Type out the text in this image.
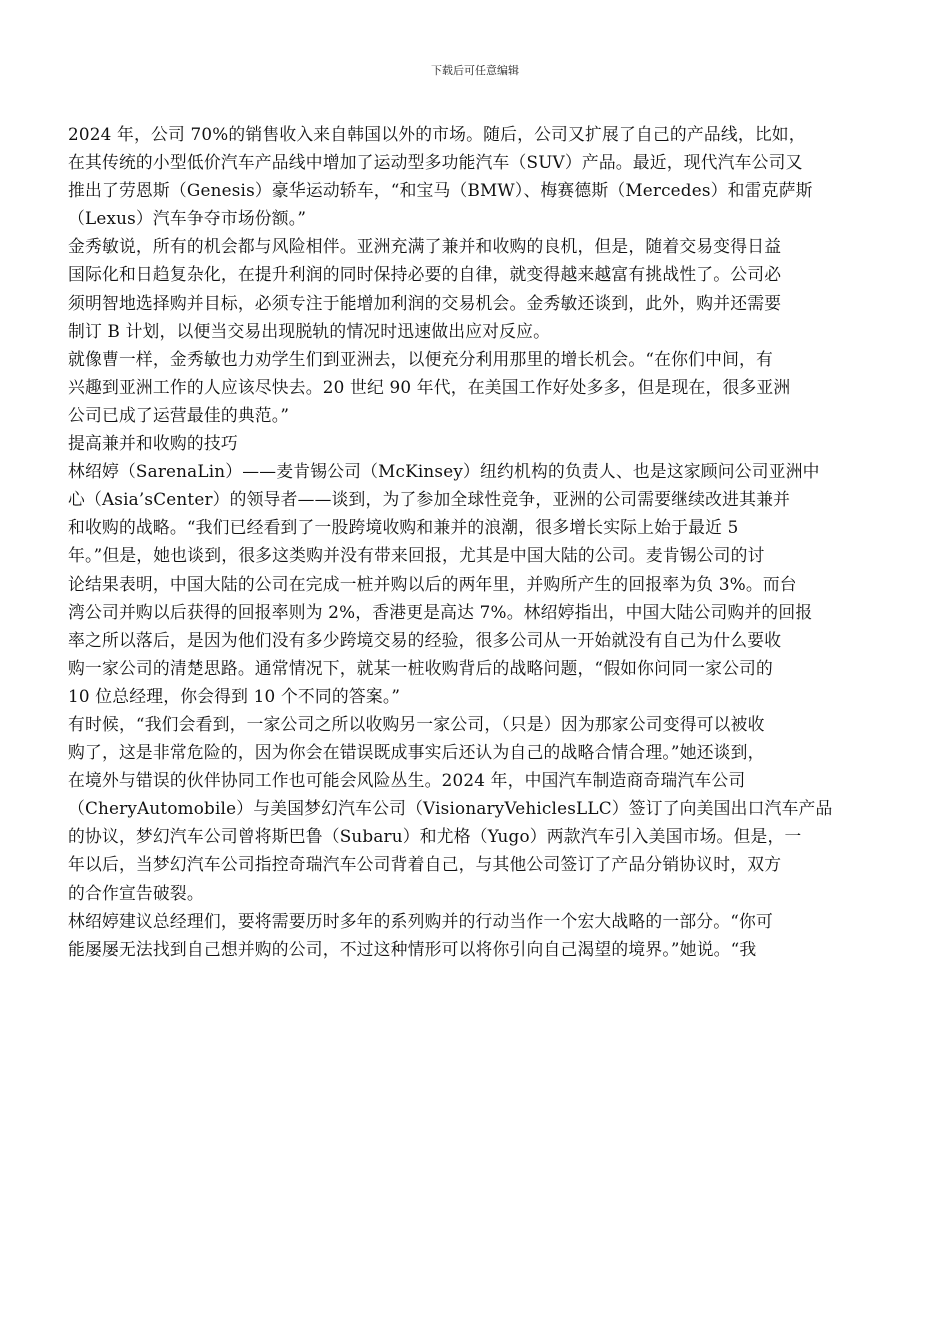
下载后可任意编辑
2024 年，公司 70%的销售收入来自韩国以外的市场。随后，公司又扩展了自己的产品线，比如，
在其传统的小型低价汽车产品线中增加了运动型多功能汽车（SUV）产品。最近，现代汽车公司又
推出了劳恩斯（Genesis）豪华运动轿车，“和宝马（BMW）、梅赛德斯（Mercedes）和雷克萨斯
（Lexus）汽车争夺市场份额。”
金秀敏说，所有的机会都与风险相伴。亚洲充满了兼并和收购的良机，但是，随着交易变得日益
国际化和日趋复杂化，在提升利润的同时保持必要的自律，就变得越来越富有挑战性了。公司必
须明智地选择购并目标，必须专注于能增加利润的交易机会。金秀敏还谈到，此外，购并还需要
制订 B 计划，以便当交易出现脱轨的情况时迅速做出应对反应。
就像曹一样，金秀敏也力劝学生们到亚洲去，以便充分利用那里的增长机会。“在你们中间，有
兴趣到亚洲工作的人应该尽快去。20 世纪 90 年代，在美国工作好处多多，但是现在，很多亚洲
公司已成了运营最佳的典范。”
提高兼并和收购的技巧
林绍婷（SarenaLin）——麦肯锡公司（McKinsey）纽约机构的负责人、也是这家顾问公司亚洲中
心（Asia’sCenter）的领导者——谈到，为了参加全球性竞争，亚洲的公司需要继续改进其兼并
和收购的战略。“我们已经看到了一股跨境收购和兼并的浪潮，很多增长实际上始于最近 5
年。”但是，她也谈到，很多这类购并没有带来回报，尤其是中国大陆的公司。麦肯锡公司的讨
论结果表明，中国大陆的公司在完成一桩并购以后的两年里，并购所产生的回报率为负 3%。而台
湾公司并购以后获得的回报率则为 2%，香港更是高达 7%。林绍婷指出，中国大陆公司购并的回报
率之所以落后，是因为他们没有多少跨境交易的经验，很多公司从一开始就没有自己为什么要收
购一家公司的清楚思路。通常情况下，就某一桩收购背后的战略问题，“假如你问同一家公司的
10 位总经理，你会得到 10 个不同的答案。”
有时候，“我们会看到，一家公司之所以收购另一家公司，（只是）因为那家公司变得可以被收
购了，这是非常危险的，因为你会在错误既成事实后还认为自己的战略合情合理。”她还谈到，
在境外与错误的伙伴协同工作也可能会风险丛生。2024 年，中国汽车制造商奇瑞汽车公司
（CheryAutomobile）与美国梦幻汽车公司（VisionaryVehiclesLLC）签订了向美国出口汽车产品
的协议，梦幻汽车公司曾将斯巴鲁（Subaru）和尤格（Yugo）两款汽车引入美国市场。但是，一
年以后，当梦幻汽车公司指控奇瑞汽车公司背着自己，与其他公司签订了产品分销协议时，双方
的合作宣告破裂。
林绍婷建议总经理们，要将需要历时多年的系列购并的行动当作一个宏大战略的一部分。“你可
能屡屡无法找到自己想并购的公司，不过这种情形可以将你引向自己渴望的境界。”她说。“我
